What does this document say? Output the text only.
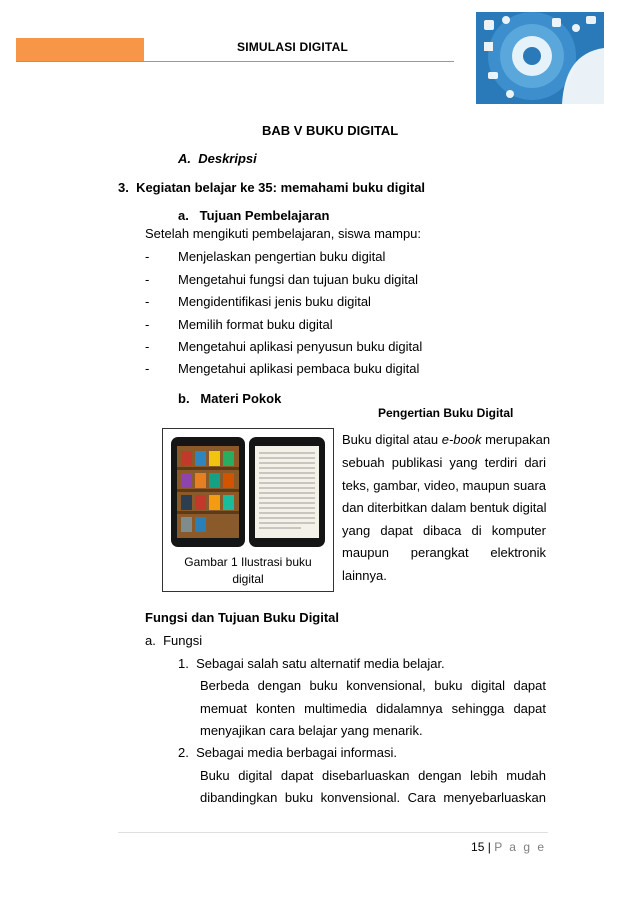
SIMULASI DIGITAL
BAB V BUKU DIGITAL
A.  Deskripsi
3.  Kegiatan belajar ke 35: memahami buku digital
a.   Tujuan Pembelajaran
Setelah mengikuti pembelajaran, siswa mampu:
- Menjelaskan pengertian buku digital
- Mengetahui fungsi dan tujuan buku digital
- Mengidentifikasi jenis buku digital
- Memilih format buku digital
- Mengetahui aplikasi penyusun buku digital
- Mengetahui aplikasi pembaca buku digital
b.   Materi Pokok
Pengertian Buku Digital
Gambar 1 Ilustrasi buku
digital
Buku digital atau e-book merupakan
sebuah publikasi yang terdiri dari
teks, gambar, video, maupun suara
dan diterbitkan dalam bentuk digital
yang dapat dibaca di komputer
maupun perangkat elektronik
lainnya.
Fungsi dan Tujuan Buku Digital
a.  Fungsi
1.  Sebagai salah satu alternatif media belajar.
Berbeda dengan buku konvensional, buku digital dapat
memuat konten multimedia didalamnya sehingga dapat
menyajikan cara belajar yang menarik.
2.  Sebagai media berbagai informasi.
Buku digital dapat disebarluaskan dengan lebih mudah
dibandingkan buku konvensional. Cara menyebarluaskan
15 | P a g e
